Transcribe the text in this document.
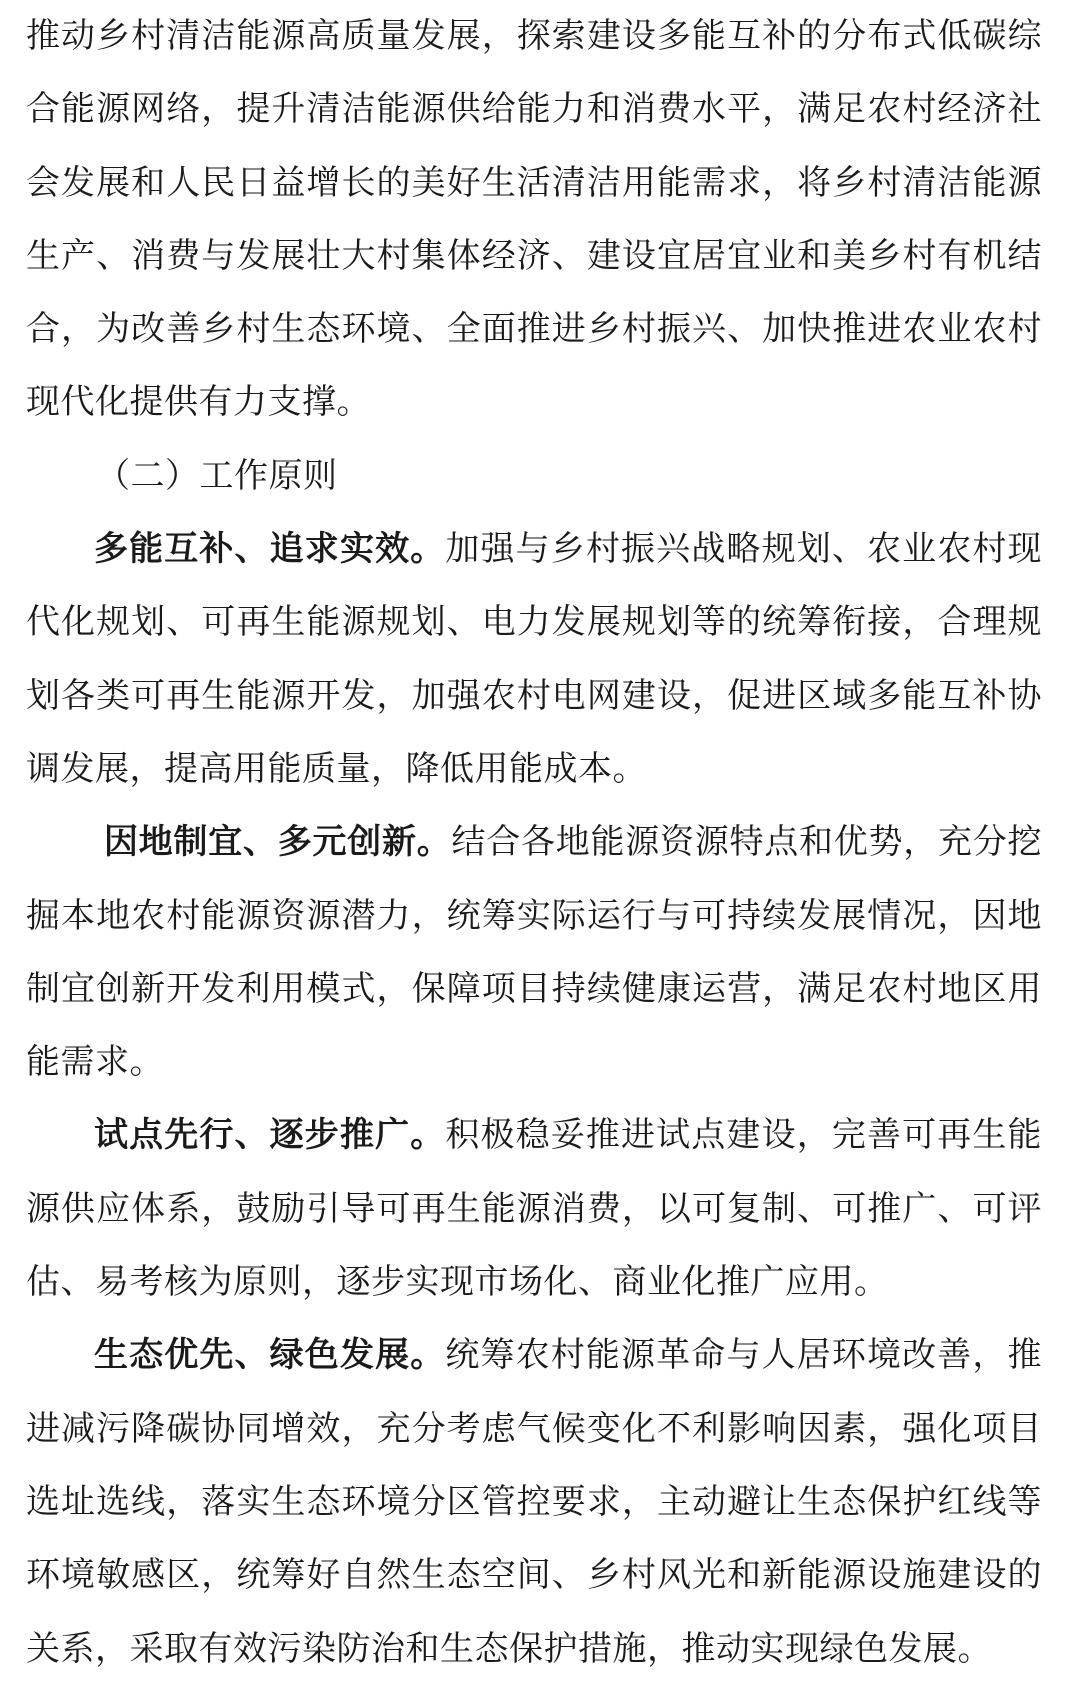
推动乡村清洁能源高质量发展，探索建设多能互补的分布式低碳综合能源网络，提升清洁能源供给能力和消费水平，满足农村经济社会发展和人民日益增长的美好生活清洁用能需求，将乡村清洁能源生产、消费与发展壮大村集体经济、建设宜居宜业和美乡村有机结合，为改善乡村生态环境、全面推进乡村振兴、加快推进农业农村现代化提供有力支撑。

（二）工作原则

多能互补、追求实效。加强与乡村振兴战略规划、农业农村现代化规划、可再生能源规划、电力发展规划等的统筹衔接，合理规划各类可再生能源开发，加强农村电网建设，促进区域多能互补协调发展，提高用能质量，降低用能成本。

因地制宜、多元创新。结合各地能源资源特点和优势，充分挖掘本地农村能源资源潜力，统筹实际运行与可持续发展情况，因地制宜创新开发利用模式，保障项目持续健康运营，满足农村地区用能需求。

试点先行、逐步推广。积极稳妥推进试点建设，完善可再生能源供应体系，鼓励引导可再生能源消费，以可复制、可推广、可评估、易考核为原则，逐步实现市场化、商业化推广应用。

生态优先、绿色发展。统筹农村能源革命与人居环境改善，推进减污降碳协同增效，充分考虑气候变化不利影响因素，强化项目选址选线，落实生态环境分区管控要求，主动避让生态保护红线等环境敏感区，统筹好自然生态空间、乡村风光和新能源设施建设的关系，采取有效污染防治和生态保护措施，推动实现绿色发展。
